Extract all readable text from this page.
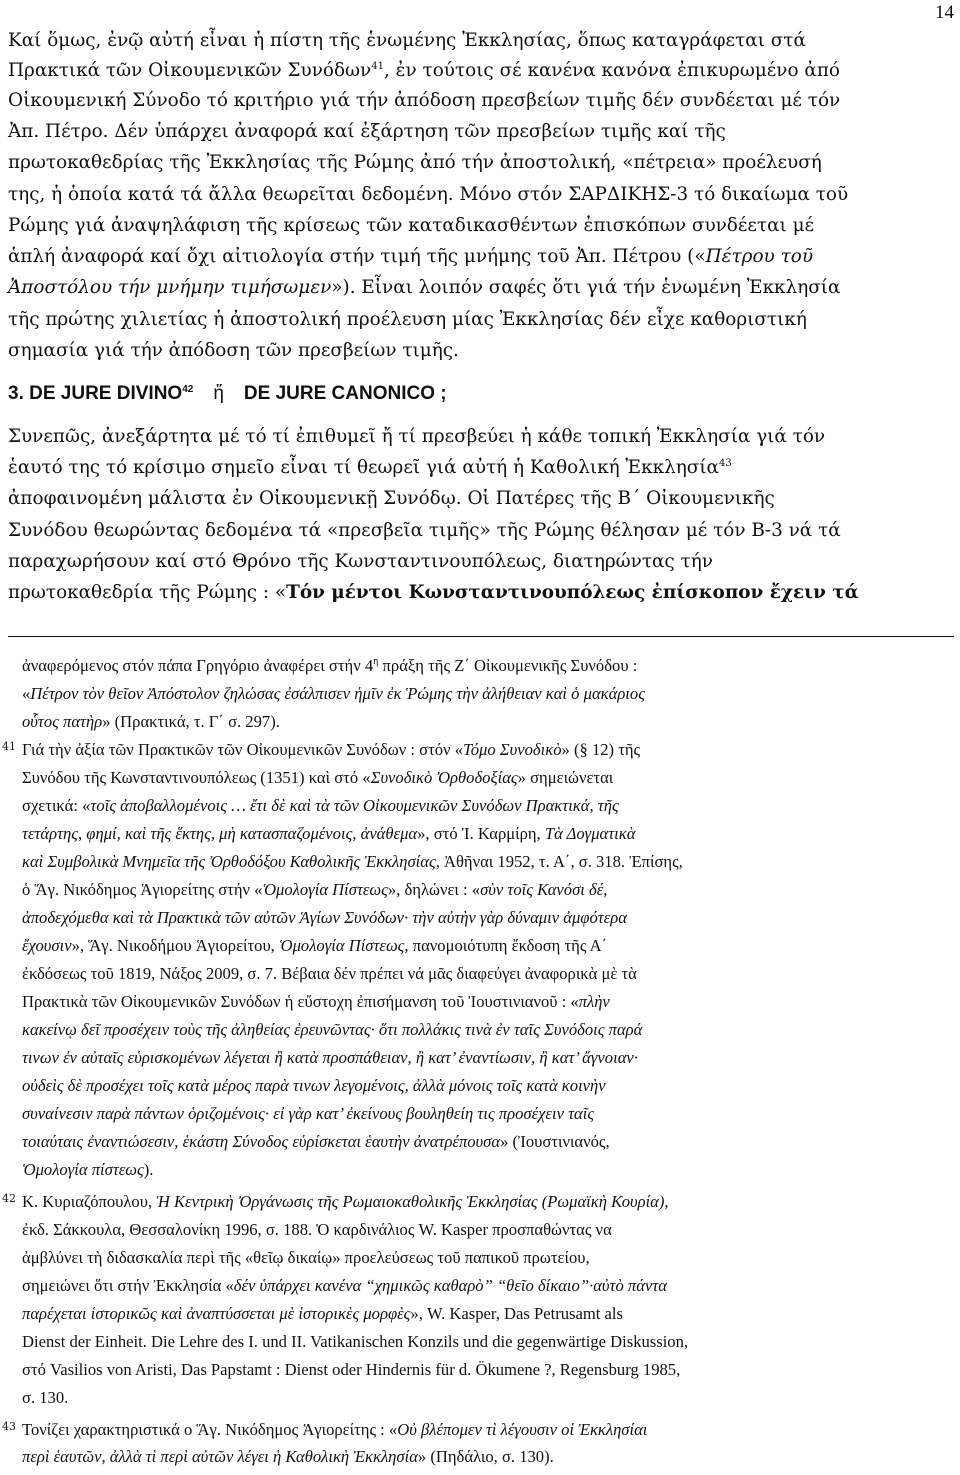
14
Καί ὅμως, ἐνῷ αὐτή εἶναι ἡ πίστη τῆς ἑνωμένης Ἐκκλησίας, ὅπως καταγράφεται στά
Πρακτικά τῶν Οἰκουμενικῶν Συνόδων$^{41}$, ἐν τούτοις σέ κανένα κανόνα ἐπικυρωμένο ἀπό
Οἰκουμενική Σύνοδο τό κριτήριο γιά τήν ἀπόδοση πρεσβείων τιμῆς δέν συνδέεται μέ τόν
Ἀπ. Πέτρο. Δέν ὑπάρχει ἀναφορά καί ἐξάρτηση τῶν πρεσβείων τιμῆς καί τῆς
πρωτοκαθεδρίας τῆς Ἐκκλησίας τῆς Ρώμης ἀπό τήν ἀποστολική, «πέτρεια» προέλευσή
της, ἡ ὁποία κατά τά ἄλλα θεωρεῖται δεδομένη. Μόνο στόν ΣΑΡΔΙΚΗΣ-3 τό δικαίωμα τοῦ
Ρώμης γιά ἀναψηλάφιση τῆς κρίσεως τῶν καταδικασθέντων ἐπισκόπων συνδέεται μέ
ἁπλή ἀναφορά καί ὄχι αἰτιολογία στήν τιμή τῆς μνήμης τοῦ Ἀπ. Πέτρου («Πέτρου τοῦ
Ἀποστόλου τήν μνήμην τιμήσωμεν»). Εἶναι λοιπόν σαφές ὅτι γιά τήν ἑνωμένη Ἐκκλησία
τῆς πρώτης χιλιετίας ἡ ἀποστολική προέλευση μίας Ἐκκλησίας δέν εἶχε καθοριστική
σημασία γιά τήν ἀπόδοση τῶν πρεσβείων τιμῆς.
3. DE JURE DIVINO$^{42}$ ἤ DE JURE CANONICO ;
Συνεπῶς, ἀνεξάρτητα μέ τό τί ἐπιθυμεῖ ἤ τί πρεσβεύει ἡ κάθε τοπική Ἐκκλησία γιά τόν
ἑαυτό της τό κρίσιμο σημεῖο εἶναι τί θεωρεῖ γιά αὐτή ἡ Καθολική Ἐκκλησία$^{43}$
ἀποφαινομένη μάλιστα ἐν Οἰκουμενικῇ Συνόδῳ. Οἱ Πατέρες τῆς Β΄ Οἰκουμενικῆς
Συνόδου θεωρώντας δεδομένα τά «πρεσβεῖα τιμῆς» τῆς Ρώμης θέλησαν μέ τόν Β-3 νά τά
παραχωρήσουν καί στό Θρόνο τῆς Κωνσταντινουπόλεως, διατηρώντας τήν
πρωτοκαθεδρία τῆς Ρώμης : «Τόν μέντοι Κωνσταντινουπόλεως ἐπίσκοπον ἔχειν τά
ἀναφερόμενος στόν πάπα Γρηγόριο ἀναφέρει στήν $4^\eta$ πράξη τῆς Ζ΄ Οἰκουμενικῆς Συνόδου :
«Πέτρον τὸν θεῖον Ἀπόστολον ζηλώσας ἐσάλπισεν ἡμῖν ἐκ Ῥώμης τὴν ἀλήθειαν καὶ ὁ μακάριος
οὗτος πατὴρ» (Πρακτικά, τ. Γ΄ σ. 297).
41 Γιά τὴν ἀξία τῶν Πρακτικῶν τῶν Οἰκουμενικῶν Συνόδων : στόν «Τόμο Συνοδικὸ» (§ 12) τῆς
Συνόδου τῆς Κωνσταντινουπόλεως (1351) καὶ στό «Συνοδικὸ Ὀρθοδοξίας» σημειώνεται
σχετικά: «τοῖς ἀποβαλλομένοις … ἔτι δὲ καὶ τὰ τῶν Οἰκουμενικῶν Συνόδων Πρακτικά, τῆς
τετάρτης, φημί, καὶ τῆς ἕκτης, μὴ κατασπαζομένοις, ἀνάθεμα», στό Ἰ. Καρμίρη, Τὰ Δογματικὰ
καὶ Συμβολικὰ Μνημεῖα τῆς Ὀρθοδόξου Καθολικῆς Ἐκκλησίας, Ἀθῆναι 1952, τ. Α΄, σ. 318. Ἐπίσης,
ὁ Ἅγ. Νικόδημος Ἁγιορείτης στήν «Ὁμολογία Πίστεως», δηλώνει : «σὺν τοῖς Κανόσι δέ,
ἀποδεχόμεθα καὶ τὰ Πρακτικὰ τῶν αὐτῶν Ἁγίων Συνόδων· τὴν αὐτὴν γὰρ δύναμιν ἀμφότερα
ἔχουσιν», Ἅγ. Νικοδήμου Ἁγιορείτου, Ὁμολογία Πίστεως, πανομοιότυπη ἔκδοση τῆς Α΄
ἐκδόσεως τοῦ 1819, Νάξος 2009, σ. 7. Βέβαια δέν πρέπει νά μᾶς διαφεύγει ἀναφορικὰ μὲ τὰ
Πρακτικὰ τῶν Οἰκουμενικῶν Συνόδων ἡ εὔστοχη ἐπισήμανση τοῦ Ἰουστινιανοῦ : «πλὴν
κακείνῳ δεῖ προσέχειν τοὺς τῆς ἀληθείας ἐρευνῶντας· ὅτι πολλάκις τινὰ ἐν ταῖς Συνόδοις παρά
τινων ἐν αὐταῖς εὑρισκομένων λέγεται ἢ κατὰ προσπάθειαν, ἢ κατ’ ἐναντίωσιν, ἢ κατ’ ἄγνοιαν·
οὐδεὶς δὲ προσέχει τοῖς κατὰ μέρος παρὰ τινων λεγομένοις, ἀλλὰ μόνοις τοῖς κατὰ κοινὴν
συναίνεσιν παρὰ πάντων ὁριζομένοις· εἰ γὰρ κατ’ ἐκείνους βουληθείη τις προσέχειν ταῖς
τοιαύταις ἐναντιώσεσιν, ἑκάστη Σύνοδος εὑρίσκεται ἑαυτὴν ἀνατρέπουσα» (Ἰουστινιανός,
Ὁμολογία πίστεως).
42 Κ. Κυριαζόπουλου, Ἡ Κεντρικὴ Ὀργάνωσις τῆς Ρωμαιοκαθολικῆς Ἐκκλησίας (Ρωμαϊκὴ Κουρία),
ἐκδ. Σάκκουλα, Θεσσαλονίκη 1996, σ. 188. Ὁ καρδινάλιος W. Kasper προσπαθώντας να
ἀμβλύνει τὴ διδασκαλία περὶ τῆς «θεῖῳ δικαίῳ» προελεύσεως τοῦ παπικοῦ πρωτείου,
σημειώνει ὅτι στήν Ἐκκλησία «δέν ὑπάρχει κανένα “χημικῶς καθαρὸ” “θεῖο δίκαιο”·αὐτὸ πάντα
παρέχεται ἱστορικῶς καὶ ἀναπτύσσεται μὲ ἱστορικὲς μορφὲς», W. Kasper, Das Petrusamt als
Dienst der Einheit. Die Lehre des I. und II. Vatikanischen Konzils und die gegenwärtige Diskussion,
στό Vasilios von Aristi, Das Papstamt : Dienst oder Hindernis für d. Ökumene ?, Regensburg 1985,
σ. 130.
43 Τονίζει χαρακτηριστικά ο Ἅγ. Νικόδημος Ἁγιορείτης : «Οὐ βλέπομεν τὶ λέγουσιν οἱ Ἐκκλησίαι
περὶ ἑαυτῶν, ἀλλὰ τὶ περὶ αὐτῶν λέγει ἡ Καθολικὴ Ἐκκλησία» (Πηδάλιο, σ. 130).
